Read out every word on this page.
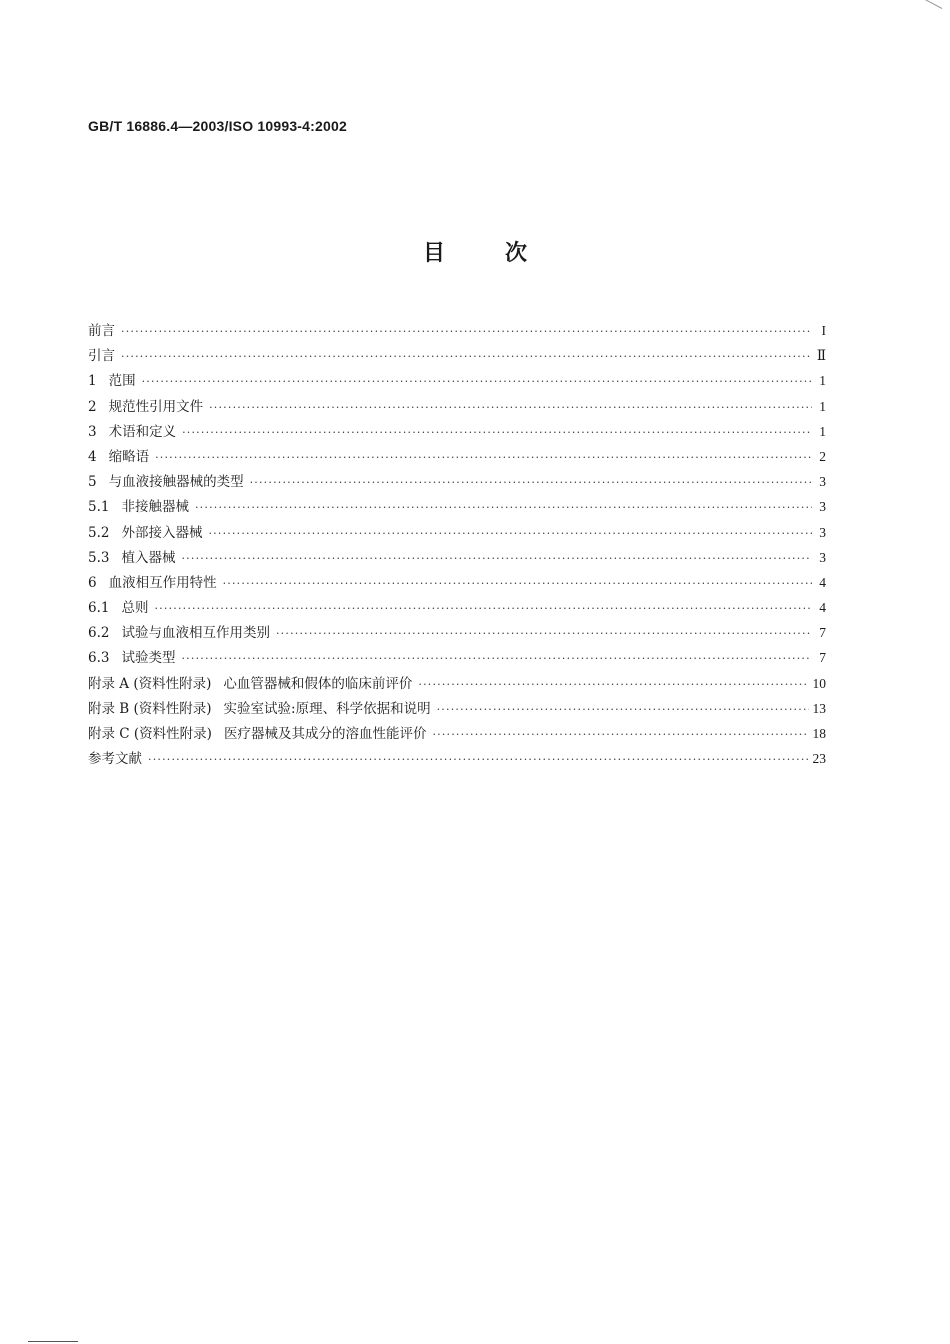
GB/T 16886.4—2003/ISO 10993-4:2002
目	次
前言 ·····	I
引言 ·····	Ⅱ
1 范围 ·····	1
2 规范性引用文件 ·····	1
3 术语和定义 ·····	1
4 缩略语 ·····	2
5 与血液接触器械的类型 ·····	3
5.1 非接触器械 ·····	3
5.2 外部接入器械 ·····	3
5.3 植入器械 ·····	3
6 血液相互作用特性 ·····	4
6.1 总则 ·····	4
6.2 试验与血液相互作用类别 ·····	7
6.3 试验类型 ·····	7
附录 A (资料性附录) 心血管器械和假体的临床前评价 ·····	10
附录 B (资料性附录) 实验室试验:原理、科学依据和说明 ·····	13
附录 C (资料性附录) 医疗器械及其成分的溶血性能评价 ·····	18
参考文献 ·····	23
